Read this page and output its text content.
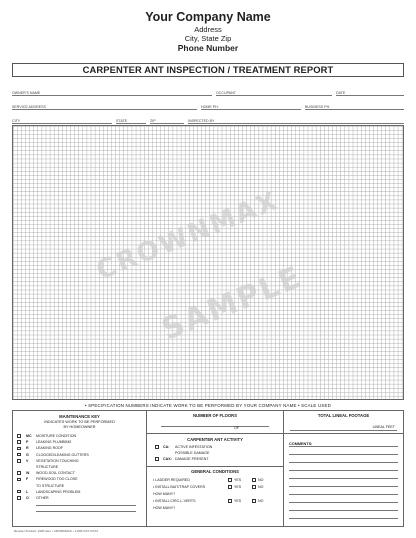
Your Company Name
Address
City, State Zip
Phone Number
CARPENTER ANT INSPECTION / TREATMENT REPORT
OWNER'S NAME	OCCUPANT	DATE
SERVICE ADDRESS	HOME PH.	BUSINESS PH.
CITY	STATE	ZIP	INSPECTED BY
CROWNMAX
SAMPLE
• SPECIFICATION NUMBERS INDICATE WORK TO BE PERFORMED BY YOUR COMPANY NAME • SCALE USED
MAINTENANCE KEY
INDICATES WORK TO BE PERFORMED
BY HOMEOWNER
MC MOISTURE CONDITION
P LEAKING PLUMBING
R LEAKING ROOF
G CLOGGED/LEAKING GUTTERS
V VEGETATION TOUCHING
STRUCTURE
W WOOD-SOIL CONTACT
F FIREWOOD TOO CLOSE
TO STRUCTURE
L LANDSCAPING PROBLEM
O OTHER
NUMBER OF FLOORS
OF
CARPENTER ANT ACTIVITY
CA: ACTIVE INFESTATION
POSSIBLE DAMAGE
CAX: DAMAGE PRESENT
GENERAL CONDITIONS
• LADDER REQUIRED	YES	NO
• INSTALL BAIT/TRAP COVERS	YES	NO
HOW MANY?
• INSTALL CIRC-L-VERTS	YES	NO
HOW MANY?
TOTAL LINEAL FOOTAGE
LINEAL FEET
COMMENTS:
Reorder Product: 1900 Item • CROWNMAX • 1-800-XXX-XXXX
